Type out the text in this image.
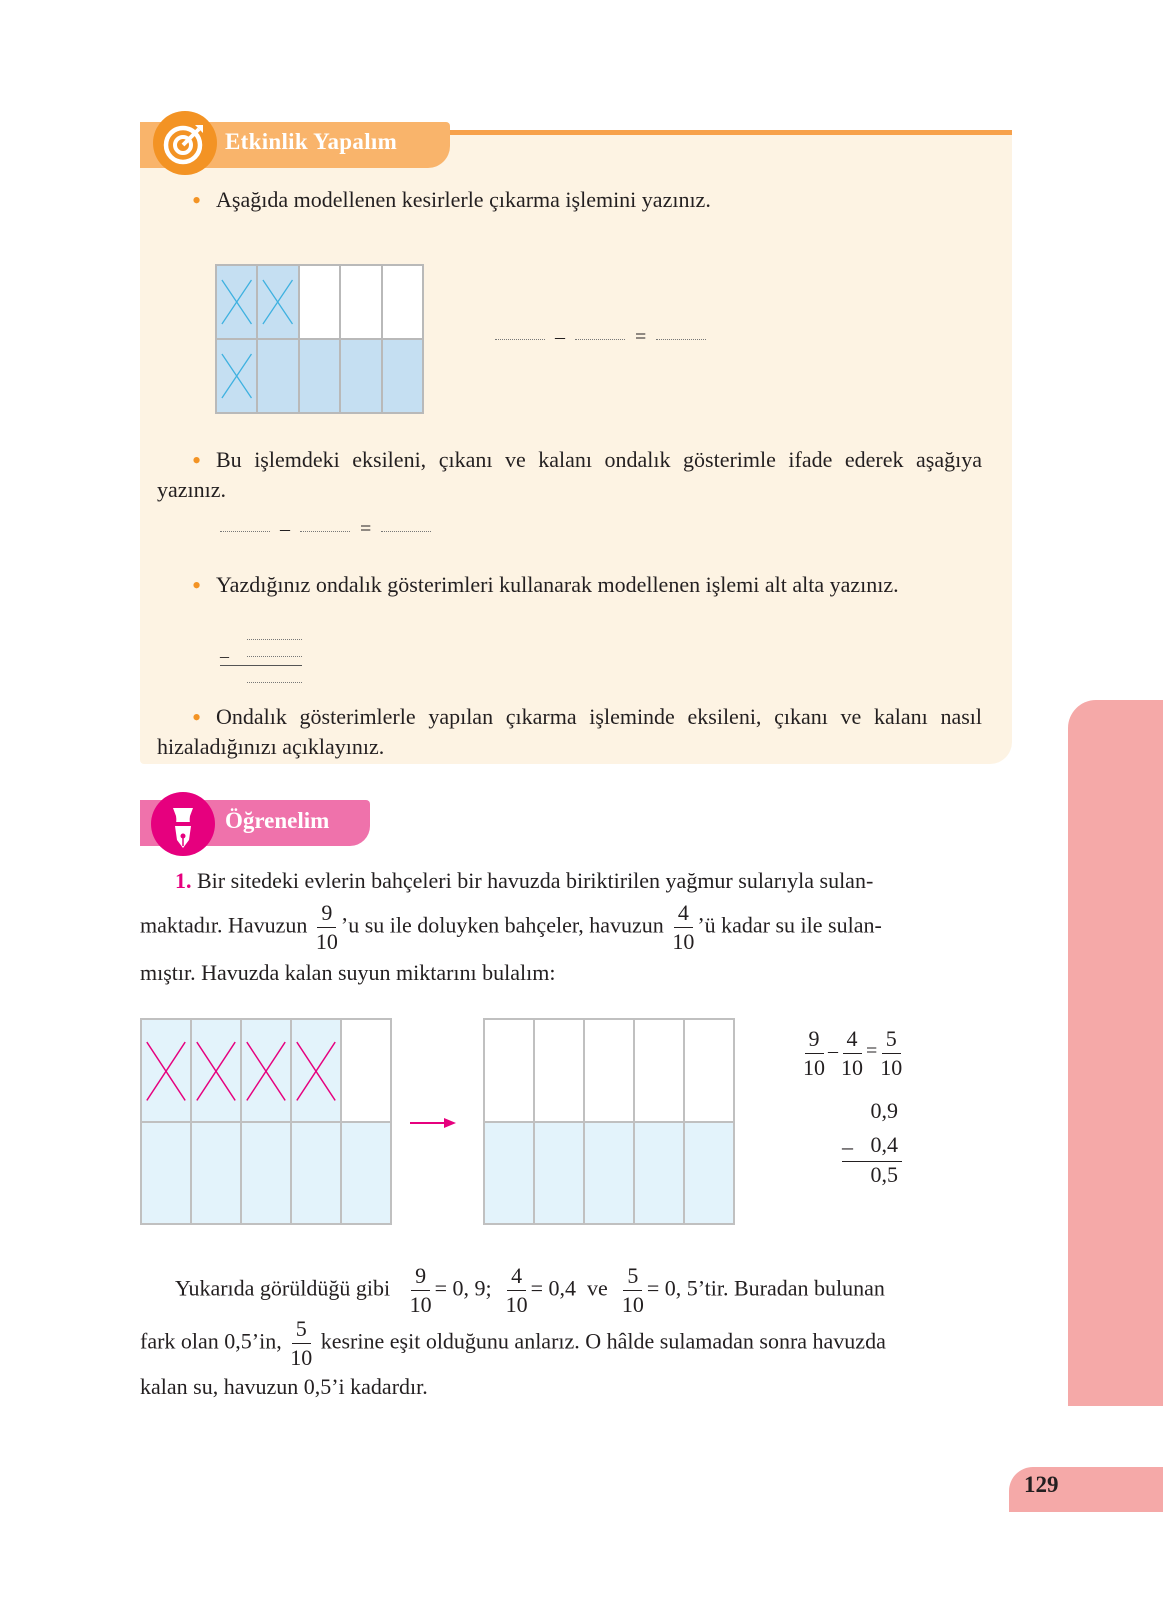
Etkinlik Yapalım
• Aşağıda modellenen kesirlerle çıkarma işlemini yazınız.
–	=
• Bu işlemdeki eksileni, çıkanı ve kalanı ondalık gösterimle ifade ederek aşağıya yazınız.
–	=
• Yazdığınız ondalık gösterimleri kullanarak modellenen işlemi alt alta yazınız.
–
• Ondalık gösterimlerle yapılan çıkarma işleminde eksileni, çıkanı ve kalanı nasıl hizaladığınızı açıklayınız.
Öğrenelim
1. Bir sitedeki evlerin bahçeleri bir havuzda biriktirilen yağmur sularıyla sulan-
maktadır. Havuzun $\frac{9}{10}$ ’u su ile doluyken bahçeler, havuzun $\frac{4}{10}$ ’ü kadar su ile sulan-
mıştır. Havuzda kalan suyun miktarını bulalım:
$\frac{9}{10} - \frac{4}{10} = \frac{5}{10}$
0,9
– 0,4
0,5
Yukarıda görüldüğü gibi $\frac{9}{10} = 0$, 9; $\frac{4}{10} = 0,4$ ve $\frac{5}{10} = 0$, 5’tir. Buradan bulunan
fark olan 0,5’in, $\frac{5}{10}$ kesrine eşit olduğunu anlarız. O hâlde sulamadan sonra havuzda
kalan su, havuzun 0,5’i kadardır.
129
